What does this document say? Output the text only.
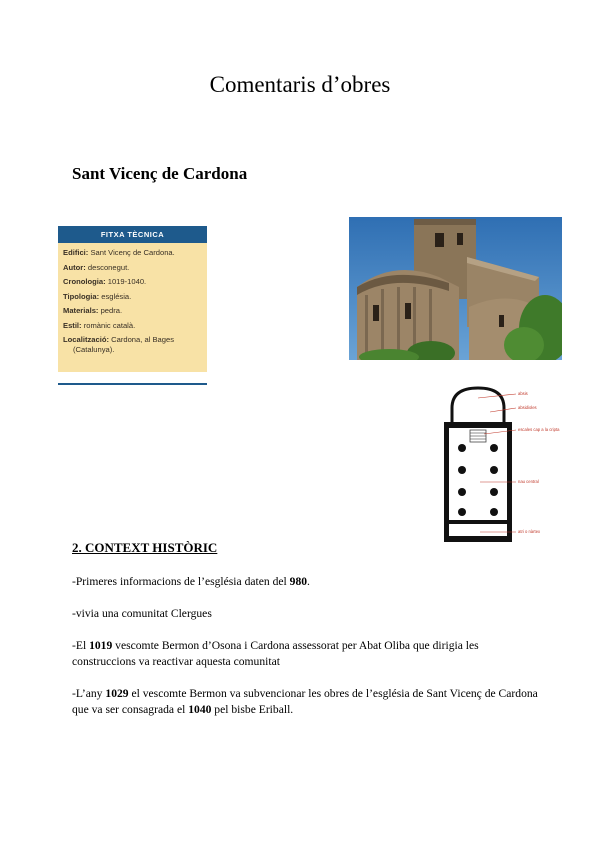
Comentaris d’obres
Sant Vicenç de Cardona
FITXA TÈCNICA
Edifici: Sant Vicenç de Cardona.
Autor: desconegut.
Cronologia: 1019-1040.
Tipologia: església.
Materials: pedra.
Estil: romànic català.
Localització: Cardona, al Bages
(Catalunya).
absis
absidioles
escales cap a la cripta
nau central
atri o nàrtex
2. CONTEXT HISTÒRIC
-Primeres informacions de l’església daten del 980.
-vivia una comunitat Clergues
-El 1019 vescomte Bermon d’Osona i Cardona assessorat per Abat Oliba que dirigia les construccions va reactivar aquesta comunitat
-L’any 1029 el vescomte Bermon va subvencionar les obres de l’església de Sant Vicenç de Cardona que va ser consagrada el 1040 pel bisbe Eriball.
